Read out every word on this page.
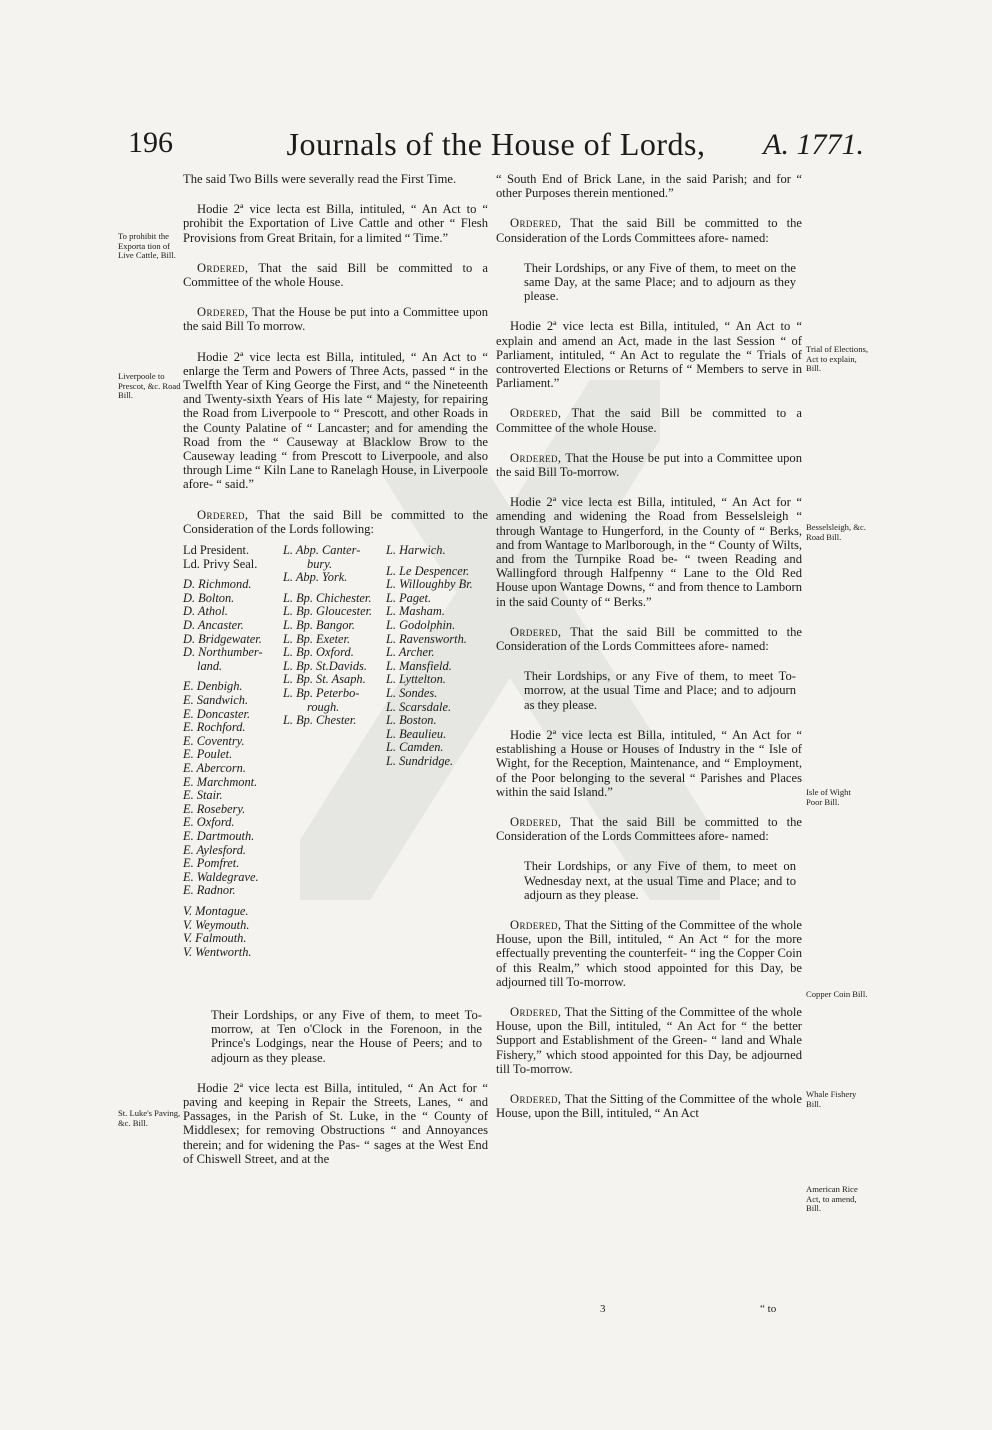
196	Journals of the House of Lords,	A. 1771.

The said Two Bills were severally read the First Time.

Hodie 2ª vice lecta est Billa, intituled, “ An Act to “ prohibit the Exportation of Live Cattle and other “ Flesh Provisions from Great Britain, for a limited “ Time.”

Ordered, That the said Bill be committed to a Committee of the whole House.

Ordered, That the House be put into a Committee upon the said Bill To morrow.

Hodie 2ª vice lecta est Billa, intituled, “ An Act to “ enlarge the Term and Powers of Three Acts, passed “ in the Twelfth Year of King George the First, and “ the Nineteenth and Twenty-sixth Years of His late “ Majesty, for repairing the Road from Liverpoole to “ Prescott, and other Roads in the County Palatine of “ Lancaster; and for amending the Road from the “ Causeway at Blacklow Brow to the Causeway leading “ from Prescott to Liverpoole, and also through Lime “ Kiln Lane to Ranelagh House, in Liverpoole afore- “ said.”

Ordered, That the said Bill be committed to the Consideration of the Lords following:

Ld President.
Ld. Privy Seal.
D. Richmond.
D. Bolton.
D. Athol.
D. Ancaster.
D. Bridgewater.
D. Northumber-
land.
E. Denbigh.
E. Sandwich.
E. Doncaster.
E. Rochford.
E. Coventry.
E. Poulet.
E. Abercorn.
E. Marchmont.
E. Stair.
E. Rosebery.
E. Oxford.
E. Dartmouth.
E. Aylesford.
E. Pomfret.
E. Waldegrave.
E. Radnor.
V. Montague.
V. Weymouth.
V. Falmouth.
V. Wentworth.
L. Abp. Canter-
bury.
L. Abp. York.
L. Bp. Chichester.
L. Bp. Gloucester.
L. Bp. Bangor.
L. Bp. Exeter.
L. Bp. Oxford.
L. Bp. St.Davids.
L. Bp. St. Asaph.
L. Bp. Peterbo-
rough.
L. Bp. Chester.
L. Harwich.
L. Le Despencer.
L. Willoughby Br.
L. Paget.
L. Masham.
L. Godolphin.
L. Ravensworth.
L. Archer.
L. Mansfield.
L. Lyttelton.
L. Sondes.
L. Scarsdale.
L. Boston.
L. Beaulieu.
L. Camden.
L. Sundridge.

Their Lordships, or any Five of them, to meet To-morrow, at Ten o'Clock in the Forenoon, in the Prince's Lodgings, near the House of Peers; and to adjourn as they please.

Hodie 2ª vice lecta est Billa, intituled, “ An Act for “ paving and keeping in Repair the Streets, Lanes, “ and Passages, in the Parish of St. Luke, in the “ County of Middlesex; for removing Obstructions “ and Annoyances therein; and for widening the Pas- “ sages at the West End of Chiswell Street, and at the

To prohibit the Exporta tion of Live Cattle, Bill.
Liverpoole to Prescot, &c. Road Bill.
St. Luke's Paving, &c. Bill.

“ South End of Brick Lane, in the said Parish; and for “ other Purposes therein mentioned.”

Ordered, That the said Bill be committed to the Consideration of the Lords Committees afore- named:

Their Lordships, or any Five of them, to meet on the same Day, at the same Place; and to adjourn as they please.

Hodie 2ª vice lecta est Billa, intituled, “ An Act to “ explain and amend an Act, made in the last Session “ of Parliament, intituled, “ An Act to regulate the “ Trials of controverted Elections or Returns of “ Members to serve in Parliament.”

Ordered, That the said Bill be committed to a Committee of the whole House.

Ordered, That the House be put into a Committee upon the said Bill To-morrow.

Hodie 2ª vice lecta est Billa, intituled, “ An Act for “ amending and widening the Road from Besselsleigh “ through Wantage to Hungerford, in the County of “ Berks, and from Wantage to Marlborough, in the “ County of Wilts, and from the Turnpike Road be- “ tween Reading and Wallingford through Halfpenny “ Lane to the Old Red House upon Wantage Downs, “ and from thence to Lamborn in the said County of “ Berks.”

Ordered, That the said Bill be committed to the Consideration of the Lords Committees afore- named:

Their Lordships, or any Five of them, to meet To-morrow, at the usual Time and Place; and to adjourn as they please.

Hodie 2ª vice lecta est Billa, intituled, “ An Act for “ establishing a House or Houses of Industry in the “ Isle of Wight, for the Reception, Maintenance, and “ Employment, of the Poor belonging to the several “ Parishes and Places within the said Island.”

Ordered, That the said Bill be committed to the Consideration of the Lords Committees afore- named:

Their Lordships, or any Five of them, to meet on Wednesday next, at the usual Time and Place; and to adjourn as they please.

Ordered, That the Sitting of the Committee of the whole House, upon the Bill, intituled, “ An Act “ for the more effectually preventing the counterfeit- “ ing the Copper Coin of this Realm,” which stood appointed for this Day, be adjourned till To-morrow.

Ordered, That the Sitting of the Committee of the whole House, upon the Bill, intituled, “ An Act for “ the better Support and Establishment of the Green- “ land and Whale Fishery,” which stood appointed for this Day, be adjourned till To-morrow.

Ordered, That the Sitting of the Committee of the whole House, upon the Bill, intituled, “ An Act

Trial of Elections, Act to explain, Bill.
Besselsleigh, &c. Road Bill.
Isle of Wight Poor Bill.
Copper Coin Bill.
Whale Fishery Bill.
American Rice Act, to amend, Bill.
3	“ to
